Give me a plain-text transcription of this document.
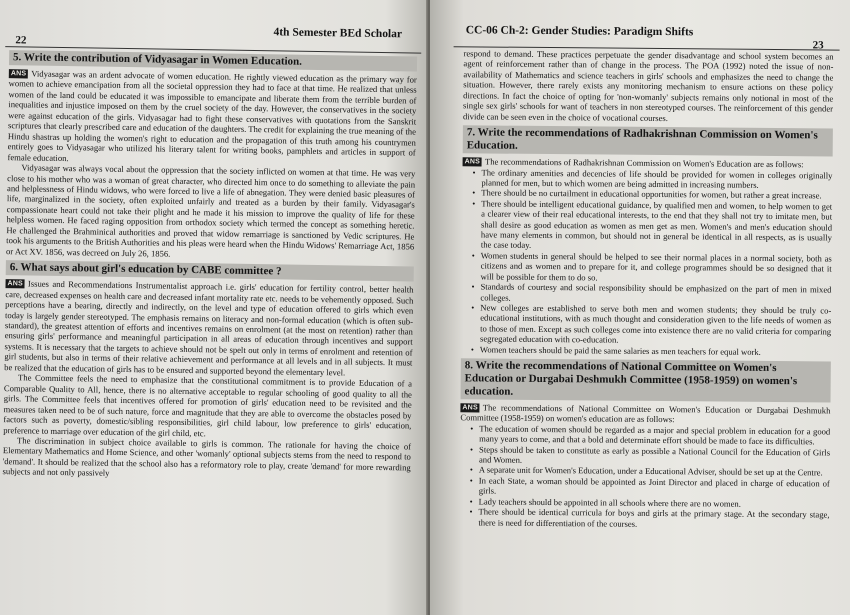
22
4th Semester BEd Scholar
5. Write the contribution of Vidyasagar in Women Education.

ANS Vidyasagar was an ardent advocate of women education. He rightly viewed education as the primary way for women to achieve emancipation from all the societal oppression they had to face at that time. He realized that unless women of the land could be educated it was impossible to emancipate and liberate them from the terrible burden of inequalities and injustice imposed on them by the cruel society of the day. However, the conservatives in the society were against education of the girls. Vidyasagar had to fight these conservatives with quotations from the Sanskrit scriptures that clearly prescribed care and education of the daughters. The credit for explaining the true meaning of the Hindu shastras up holding the women's right to education and the propagation of this truth among his countrymen entirely goes to Vidyasagar who utilized his literary talent for writing books, pamphlets and articles in support of female education.

Vidyasagar was always vocal about the oppression that the society inflicted on women at that time. He was very close to his mother who was a woman of great character, who directed him once to do something to alleviate the pain and helplessness of Hindu widows, who were forced to live a life of abnegation. They were denied basic pleasures of life, marginalized in the society, often exploited unfairly and treated as a burden by their family. Vidyasagar's compassionate heart could not take their plight and he made it his mission to improve the quality of life for these helpless women. He faced raging opposition from orthodox society which termed the concept as something heretic. He challenged the Brahminical authorities and proved that widow remarriage is sanctioned by Vedic scriptures. He took his arguments to the British Authorities and his pleas were heard when the Hindu Widows' Remarriage Act, 1856 or Act XV. 1856, was decreed on July 26, 1856.

6. What says about girl's education by CABE committee ?

ANS Issues and Recommendations Instrumentalist approach i.e. girls' education for fertility control, better health care, decreased expenses on health care and decreased infant mortality rate etc. needs to be vehemently opposed. Such perceptions have a bearing, directly and indirectly, on the level and type of education offered to girls which even today is largely gender stereotyped. The emphasis remains on literacy and non-formal education (which is often sub-standard), the greatest attention of efforts and incentives remains on enrolment (at the most on retention) rather than ensuring girls' performance and meaningful participation in all areas of education through incentives and support systems. It is necessary that the targets to achieve should not be spelt out only in terms of enrolment and retention of girl students, but also in terms of their relative achievement and performance at all levels and in all subjects. It must be realized that the education of girls has to be ensured and supported beyond the elementary level.

The Committee feels the need to emphasize that the constitutional commitment is to provide Education of a Comparable Quality to All, hence, there is no alternative acceptable to regular schooling of good quality to all the girls. The Committee feels that incentives offered for promotion of girls' education need to be revisited and the measures taken need to be of such nature, force and magnitude that they are able to overcome the obstacles posed by factors such as poverty, domestic/sibling responsibilities, girl child labour, low preference to girls' education, preference to marriage over education of the girl child, etc.

The discrimination in subject choice available to girls is common. The rationale for having the choice of Elementary Mathematics and Home Science, and other 'womanly' optional subjects stems from the need to respond to 'demand'. It should be realized that the school also has a reformatory role to play, create 'demand' for more rewarding subjects and not only passively

CC-06 Ch-2: Gender Studies: Paradigm Shifts
23

respond to demand. These practices perpetuate the gender disadvantage and school system becomes an agent of reinforcement rather than of change in the process. The POA (1992) noted the issue of non-availability of Mathematics and science teachers in girls' schools and emphasizes the need to change the situation. However, there rarely exists any monitoring mechanism to ensure actions on these policy directions. In fact the choice of opting for 'non-womanly' subjects remains only notional in most of the single sex girls' schools for want of teachers in non stereotyped courses. The reinforcement of this gender divide can be seen even in the choice of vocational courses.

7. Write the recommendations of Radhakrishnan Commission on Women's Education.

ANS The recommendations of Radhakrishnan Commission on Women's Education are as follows:

• The ordinary amenities and decencies of life should be provided for women in colleges originally planned for men, but to which women are being admitted in increasing numbers.
• There should be no curtailment in educational opportunities for women, but rather a great increase.
• There should be intelligent educational guidance, by qualified men and women, to help women to get a clearer view of their real educational interests, to the end that they shall not try to imitate men, but shall desire as good education as women as men get as men. Women's and men's education should have many elements in common, but should not in general be identical in all respects, as is usually the case today.
• Women students in general should be helped to see their normal places in a normal society, both as citizens and as women and to prepare for it, and college programmes should be so designed that it will be possible for them to do so.
• Standards of courtesy and social responsibility should be emphasized on the part of men in mixed colleges.
• New colleges are established to serve both men and women students; they should be truly co-educational institutions, with as much thought and consideration given to the life needs of women as to those of men. Except as such colleges come into existence there are no valid criteria for comparing segregated education with co-education.
• Women teachers should be paid the same salaries as men teachers for equal work.
8. Write the recommendations of National Committee on Women's Education or Durgabai Deshmukh Committee (1958-1959) on women's education.

ANS The recommendations of National Committee on Women's Education or Durgabai Deshmukh Committee (1958-1959) on women's education are as follows:

• The education of women should be regarded as a major and special problem in education for a good many years to come, and that a bold and determinate effort should be made to face its difficulties.
• Steps should be taken to constitute as early as possible a National Council for the Education of Girls and Women.
• A separate unit for Women's Education, under a Educational Adviser, should be set up at the Centre.
• In each State, a woman should be appointed as Joint Director and placed in charge of education of girls.
• Lady teachers should be appointed in all schools where there are no women.
• There should be identical curricula for boys and girls at the primary stage. At the secondary stage, there is need for differentiation of the courses.
